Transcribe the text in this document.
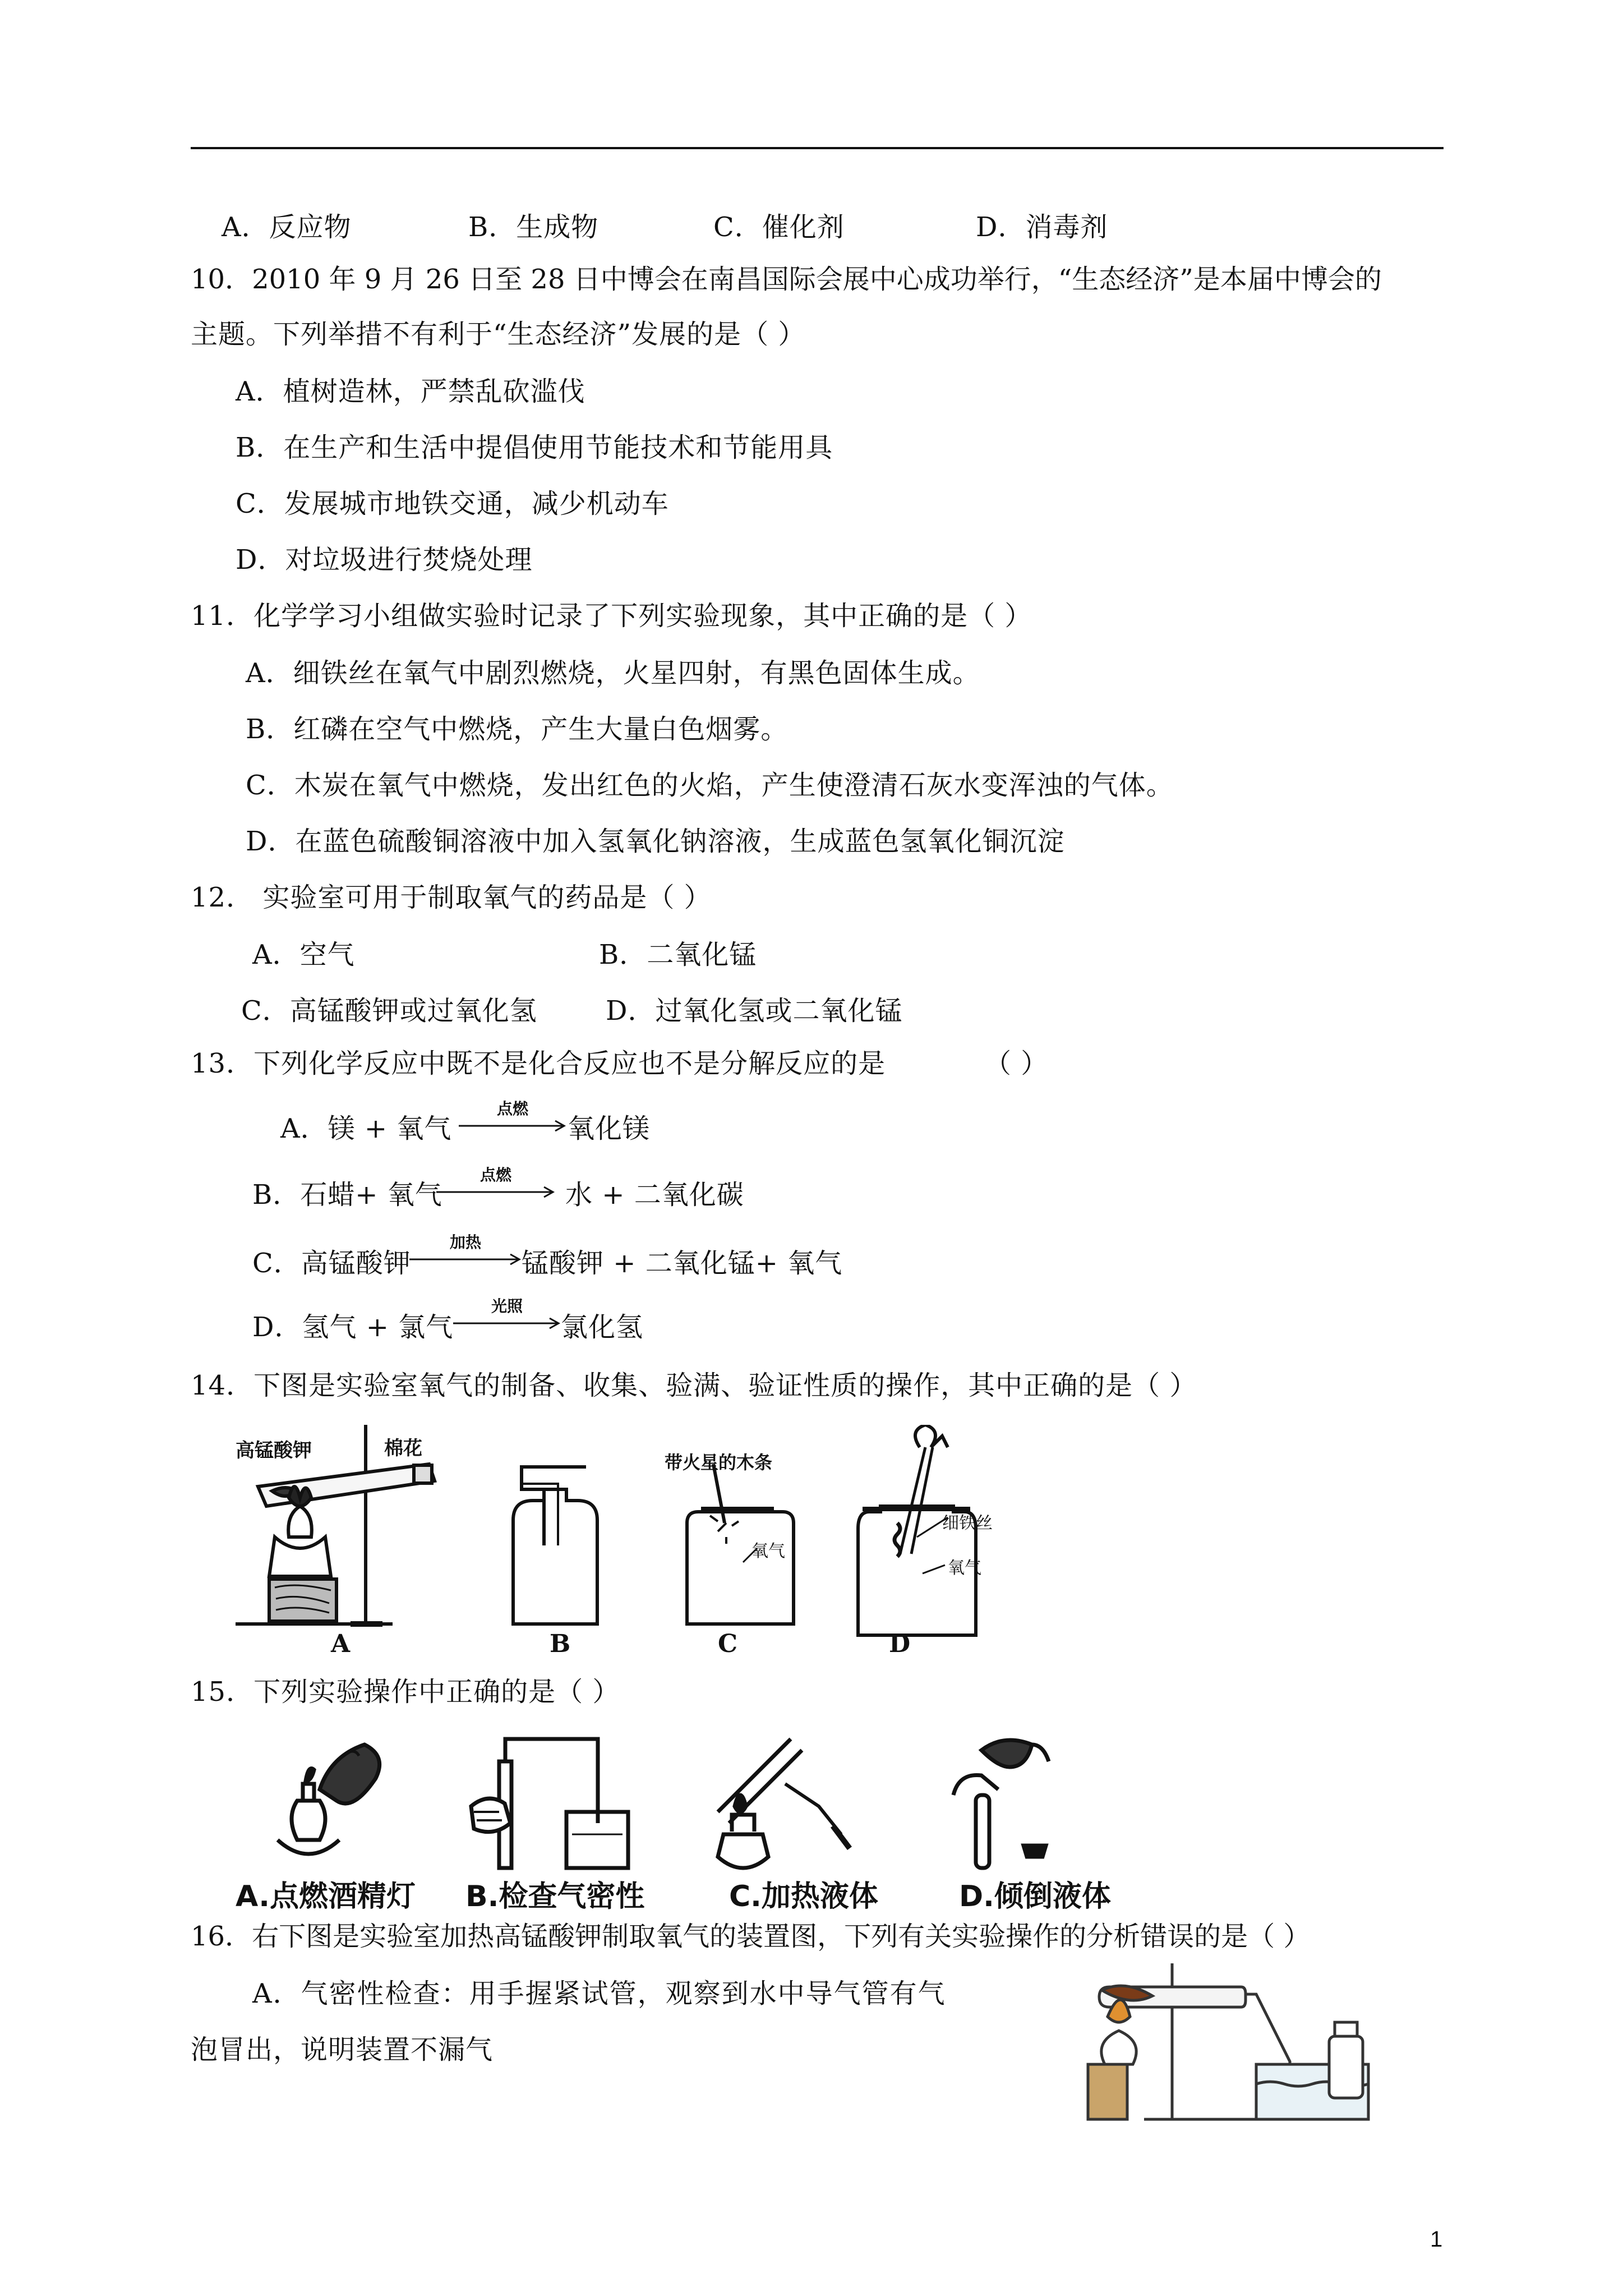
A．反应物	B．生成物	C．催化剂	D．消毒剂
10．2010 年 9 月 26 日至 28 日中博会在南昌国际会展中心成功举行，“生态经济”是本届中博会的
主题。下列举措不有利于“生态经济”发展的是（ ）
A．植树造林，严禁乱砍滥伐
B．在生产和生活中提倡使用节能技术和节能用具
C．发展城市地铁交通，减少机动车
D．对垃圾进行焚烧处理
11．化学学习小组做实验时记录了下列实验现象，其中正确的是（ ）
A．细铁丝在氧气中剧烈燃烧，火星四射，有黑色固体生成。
B．红磷在空气中燃烧，产生大量白色烟雾。
C．木炭在氧气中燃烧，发出红色的火焰，产生使澄清石灰水变浑浊的气体。
D．在蓝色硫酸铜溶液中加入氢氧化钠溶液，生成蓝色氢氧化铜沉淀
12． 实验室可用于制取氧气的药品是（ ）
A．空气	B．二氧化锰
C．高锰酸钾或过氧化氢	D．过氧化氢或二氧化锰
13．下列化学反应中既不是化合反应也不是分解反应的是	（ ）
A．镁 + 氧气
点燃
氧化镁
B．石蜡+ 氧气
点燃
水 + 二氧化碳
C．高锰酸钾
加热
锰酸钾 + 二氧化锰+ 氧气
D．氢气 + 氯气
光照
氯化氢
14．下图是实验室氧气的制备、收集、验满、验证性质的操作，其中正确的是（ ）
高锰酸钾	棉花
带火星的木条
氧气
细铁丝
氧气
A	B	C	D
15．下列实验操作中正确的是（ ）
A.点燃酒精灯 B.检查气密性	C.加热液体	D.倾倒液体
16．右下图是实验室加热高锰酸钾制取氧气的装置图，下列有关实验操作的分析错误的是（ ）
A．气密性检查：用手握紧试管，观察到水中导气管有气
泡冒出，说明装置不漏气
1
